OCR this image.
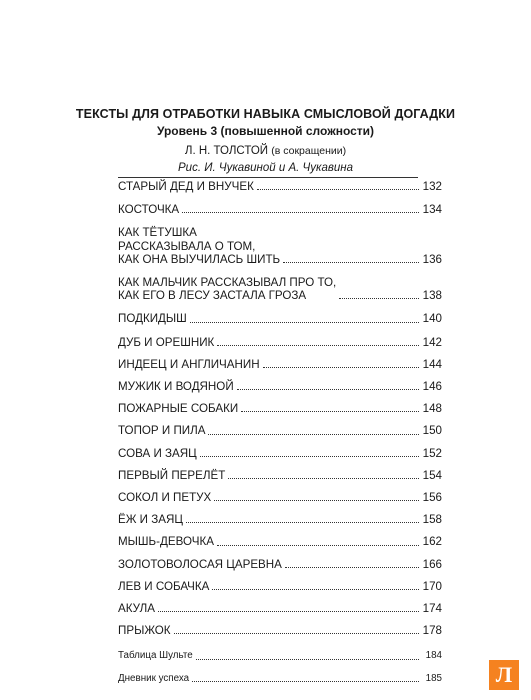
ТЕКСТЫ ДЛЯ ОТРАБОТКИ НАВЫКА СМЫСЛОВОЙ ДОГАДКИ
Уровень 3 (повышенной сложности)
Л. Н. ТОЛСТОЙ (в сокращении)
Рис. И. Чукавиной и А. Чукавина
СТАРЫЙ ДЕД И ВНУЧЕК	132
КОСТОЧКА	134
КАК ТЁТУШКА
РАССКАЗЫВАЛА О ТОМ,
КАК ОНА ВЫУЧИЛАСЬ ШИТЬ	136
КАК МАЛЬЧИК РАССКАЗЫВАЛ ПРО ТО,
КАК ЕГО В ЛЕСУ ЗАСТАЛА ГРОЗА	138
ПОДКИДЫШ	140
ДУБ И ОРЕШНИК	142
ИНДЕЕЦ И АНГЛИЧАНИН	144
МУЖИК И ВОДЯНОЙ	146
ПОЖАРНЫЕ СОБАКИ	148
ТОПОР И ПИЛА	150
СОВА И ЗАЯЦ	152
ПЕРВЫЙ ПЕРЕЛЁТ	154
СОКОЛ И ПЕТУХ	156
ЁЖ И ЗАЯЦ	158
МЫШЬ-ДЕВОЧКА	162
ЗОЛОТОВОЛОСАЯ ЦАРЕВНА	166
ЛЕВ И СОБАЧКА	170
АКУЛА	174
ПРЫЖОК	178
Таблица Шульте	184
Дневник успеха	185	Л
